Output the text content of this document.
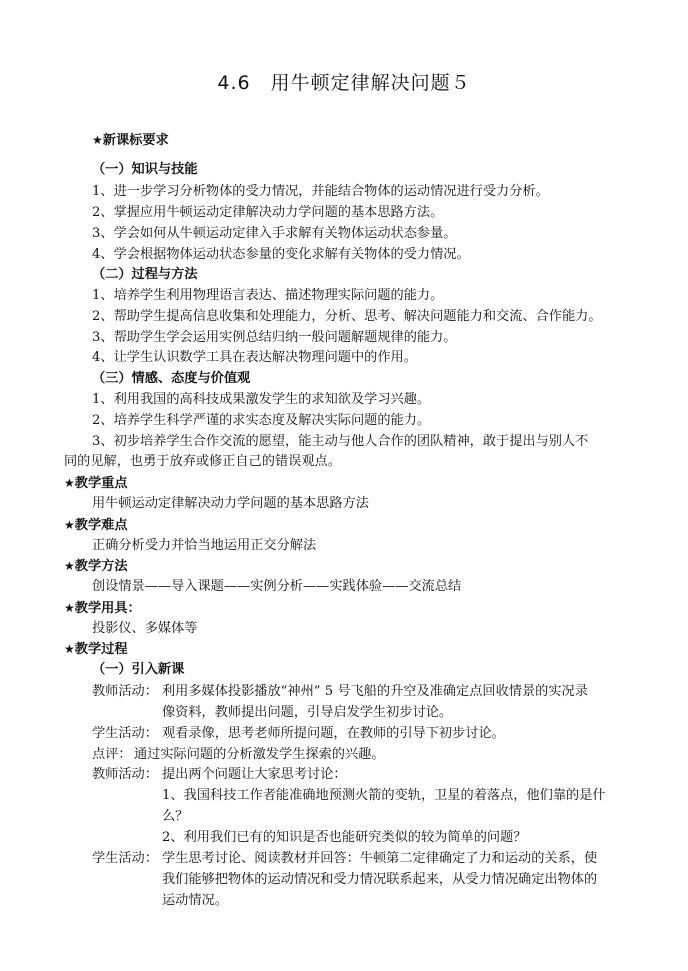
4.6　用牛顿定律解决问题５
★新课标要求
（一）知识与技能
1、进一步学习分析物体的受力情况，并能结合物体的运动情况进行受力分析。
2、掌握应用牛顿运动定律解决动力学问题的基本思路方法。
3、学会如何从牛顿运动定律入手求解有关物体运动状态参量。
4、学会根据物体运动状态参量的变化求解有关物体的受力情况。
（二）过程与方法
1、培养学生利用物理语言表达、描述物理实际问题的能力。
2、帮助学生提高信息收集和处理能力，分析、思考、解决问题能力和交流、合作能力。
3、帮助学生学会运用实例总结归纳一般问题解题规律的能力。
4、让学生认识数学工具在表达解决物理问题中的作用。
（三）情感、态度与价值观
1、利用我国的高科技成果激发学生的求知欲及学习兴趣。
2、培养学生科学严谨的求实态度及解决实际问题的能力。
3、初步培养学生合作交流的愿望，能主动与他人合作的团队精神，敢于提出与别人不
同的见解，也勇于放弃或修正自己的错误观点。
★教学重点
用牛顿运动定律解决动力学问题的基本思路方法
★教学难点
正确分析受力并恰当地运用正交分解法
★教学方法
创设情景——导入课题——实例分析——实践体验——交流总结
★教学用具：
投影仪、多媒体等
★教学过程
（一）引入新课
教师活动： 利用多媒体投影播放“神州” 5 号飞船的升空及准确定点回收情景的实况录
像资料，教师提出问题，引导启发学生初步讨论。
学生活动： 观看录像，思考老师所提问题，在教师的引导下初步讨论。
点评： 通过实际问题的分析激发学生探索的兴趣。
教师活动： 提出两个问题让大家思考讨论：
1、我国科技工作者能准确地预测火箭的变轨，卫星的着落点，他们靠的是什
么？
2、利用我们已有的知识是否也能研究类似的较为简单的问题？
学生活动： 学生思考讨论、阅读教材并回答：牛顿第二定律确定了力和运动的关系，使
我们能够把物体的运动情况和受力情况联系起来，从受力情况确定出物体的
运动情况。
